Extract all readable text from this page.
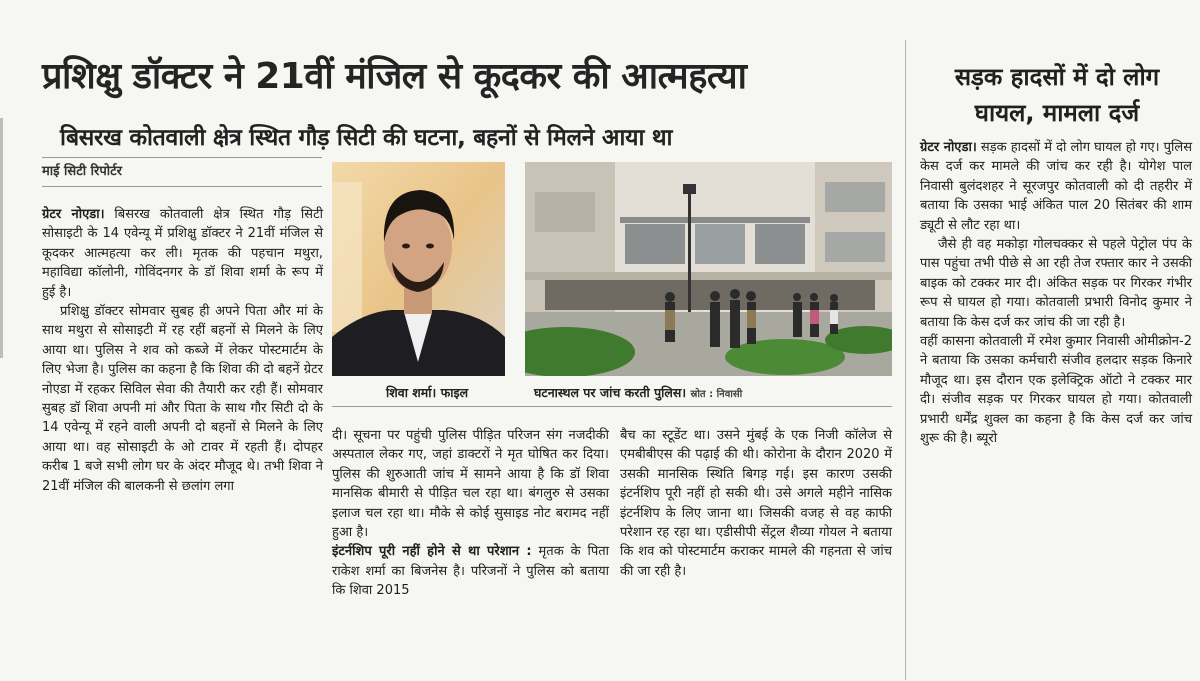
प्रशिक्षु डॉक्टर ने 21वीं मंजिल से कूदकर की आत्महत्या
बिसरख कोतवाली क्षेत्र स्थित गौड़ सिटी की घटना, बहनों से मिलने आया था
माई सिटी रिपोर्टर

ग्रेटर नोएडा। बिसरख कोतवाली क्षेत्र स्थित गौड़ सिटी सोसाइटी के 14 एवेन्यू में प्रशिक्षु डॉक्टर ने 21वीं मंजिल से कूदकर आत्महत्या कर ली। मृतक की पहचान मथुरा, महाविद्या कॉलोनी, गोविंदनगर के डॉ शिवा शर्मा के रूप में हुई है।

प्रशिक्षु डॉक्टर सोमवार सुबह ही अपने पिता और मां के साथ मथुरा से सोसाइटी में रह रहीं बहनों से मिलने के लिए आया था। पुलिस ने शव को कब्जे में लेकर पोस्टमार्टम के लिए भेजा है। पुलिस का कहना है कि शिवा की दो बहनें ग्रेटर नोएडा में रहकर सिविल सेवा की तैयारी कर रही हैं। सोमवार सुबह डॉ शिवा अपनी मां और पिता के साथ गौर सिटी दो के 14 एवेन्यू में रहने वाली अपनी दो बहनों से मिलने के लिए आया था। वह सोसाइटी के ओ टावर में रहती हैं। दोपहर करीब 1 बजे सभी लोग घर के अंदर मौजूद थे। तभी शिवा ने 21वीं मंजिल की बालकनी से छलांग लगा

शिवा शर्मा। फाइल	घटनास्थल पर जांच करती पुलिस। स्रोत : निवासी

दी। सूचना पर पहुंची पुलिस पीड़ित परिजन संग नजदीकी अस्पताल लेकर गए, जहां डाक्टरों ने मृत घोषित कर दिया। पुलिस की शुरुआती जांच में सामने आया है कि डॉ शिवा मानसिक बीमारी से पीड़ित चल रहा था। बंगलुरु से उसका इलाज चल रहा था। मौके से कोई सुसाइड नोट बरामद नहीं हुआ है।

इंटर्नशिप पूरी नहीं होने से था परेशान : मृतक के पिता राकेश शर्मा का बिजनेस है। परिजनों ने पुलिस को बताया कि शिवा 2015

बैच का स्टूडेंट था। उसने मुंबई के एक निजी कॉलेज से एमबीबीएस की पढ़ाई की थी। कोरोना के दौरान 2020 में उसकी मानसिक स्थिति बिगड़ गई। इस कारण उसकी इंटर्नशिप पूरी नहीं हो सकी थी। उसे अगले महीने नासिक इंटर्नशिप के लिए जाना था। जिसकी वजह से वह काफी परेशान रह रहा था। एडीसीपी सेंट्रल शैव्या गोयल ने बताया कि शव को पोस्टमार्टम कराकर मामले की गहनता से जांच की जा रही है।

सड़क हादसों में दो लोग
घायल, मामला दर्ज

ग्रेटर नोएडा। सड़क हादसों में दो लोग घायल हो गए। पुलिस केस दर्ज कर मामले की जांच कर रही है। योगेश पाल निवासी बुलंदशहर ने सूरजपुर कोतवाली को दी तहरीर में बताया कि उसका भाई अंकित पाल 20 सितंबर की शाम ड्यूटी से लौट रहा था।

जैसे ही वह मकोड़ा गोलचक्कर से पहले पेट्रोल पंप के पास पहुंचा तभी पीछे से आ रही तेज रफ्तार कार ने उसकी बाइक को टक्कर मार दी। अंकित सड़क पर गिरकर गंभीर रूप से घायल हो गया। कोतवाली प्रभारी विनोद कुमार ने बताया कि केस दर्ज कर जांच की जा रही है।

वहीं कासना कोतवाली में रमेश कुमार निवासी ओमीक्रोन-2 ने बताया कि उसका कर्मचारी संजीव हलदार सड़क किनारे मौजूद था। इस दौरान एक इलेक्ट्रिक ऑटो ने टक्कर मार दी। संजीव सड़क पर गिरकर घायल हो गया। कोतवाली प्रभारी धर्मेंद्र शुक्ल का कहना है कि केस दर्ज कर जांच शुरू की है। ब्यूरो
